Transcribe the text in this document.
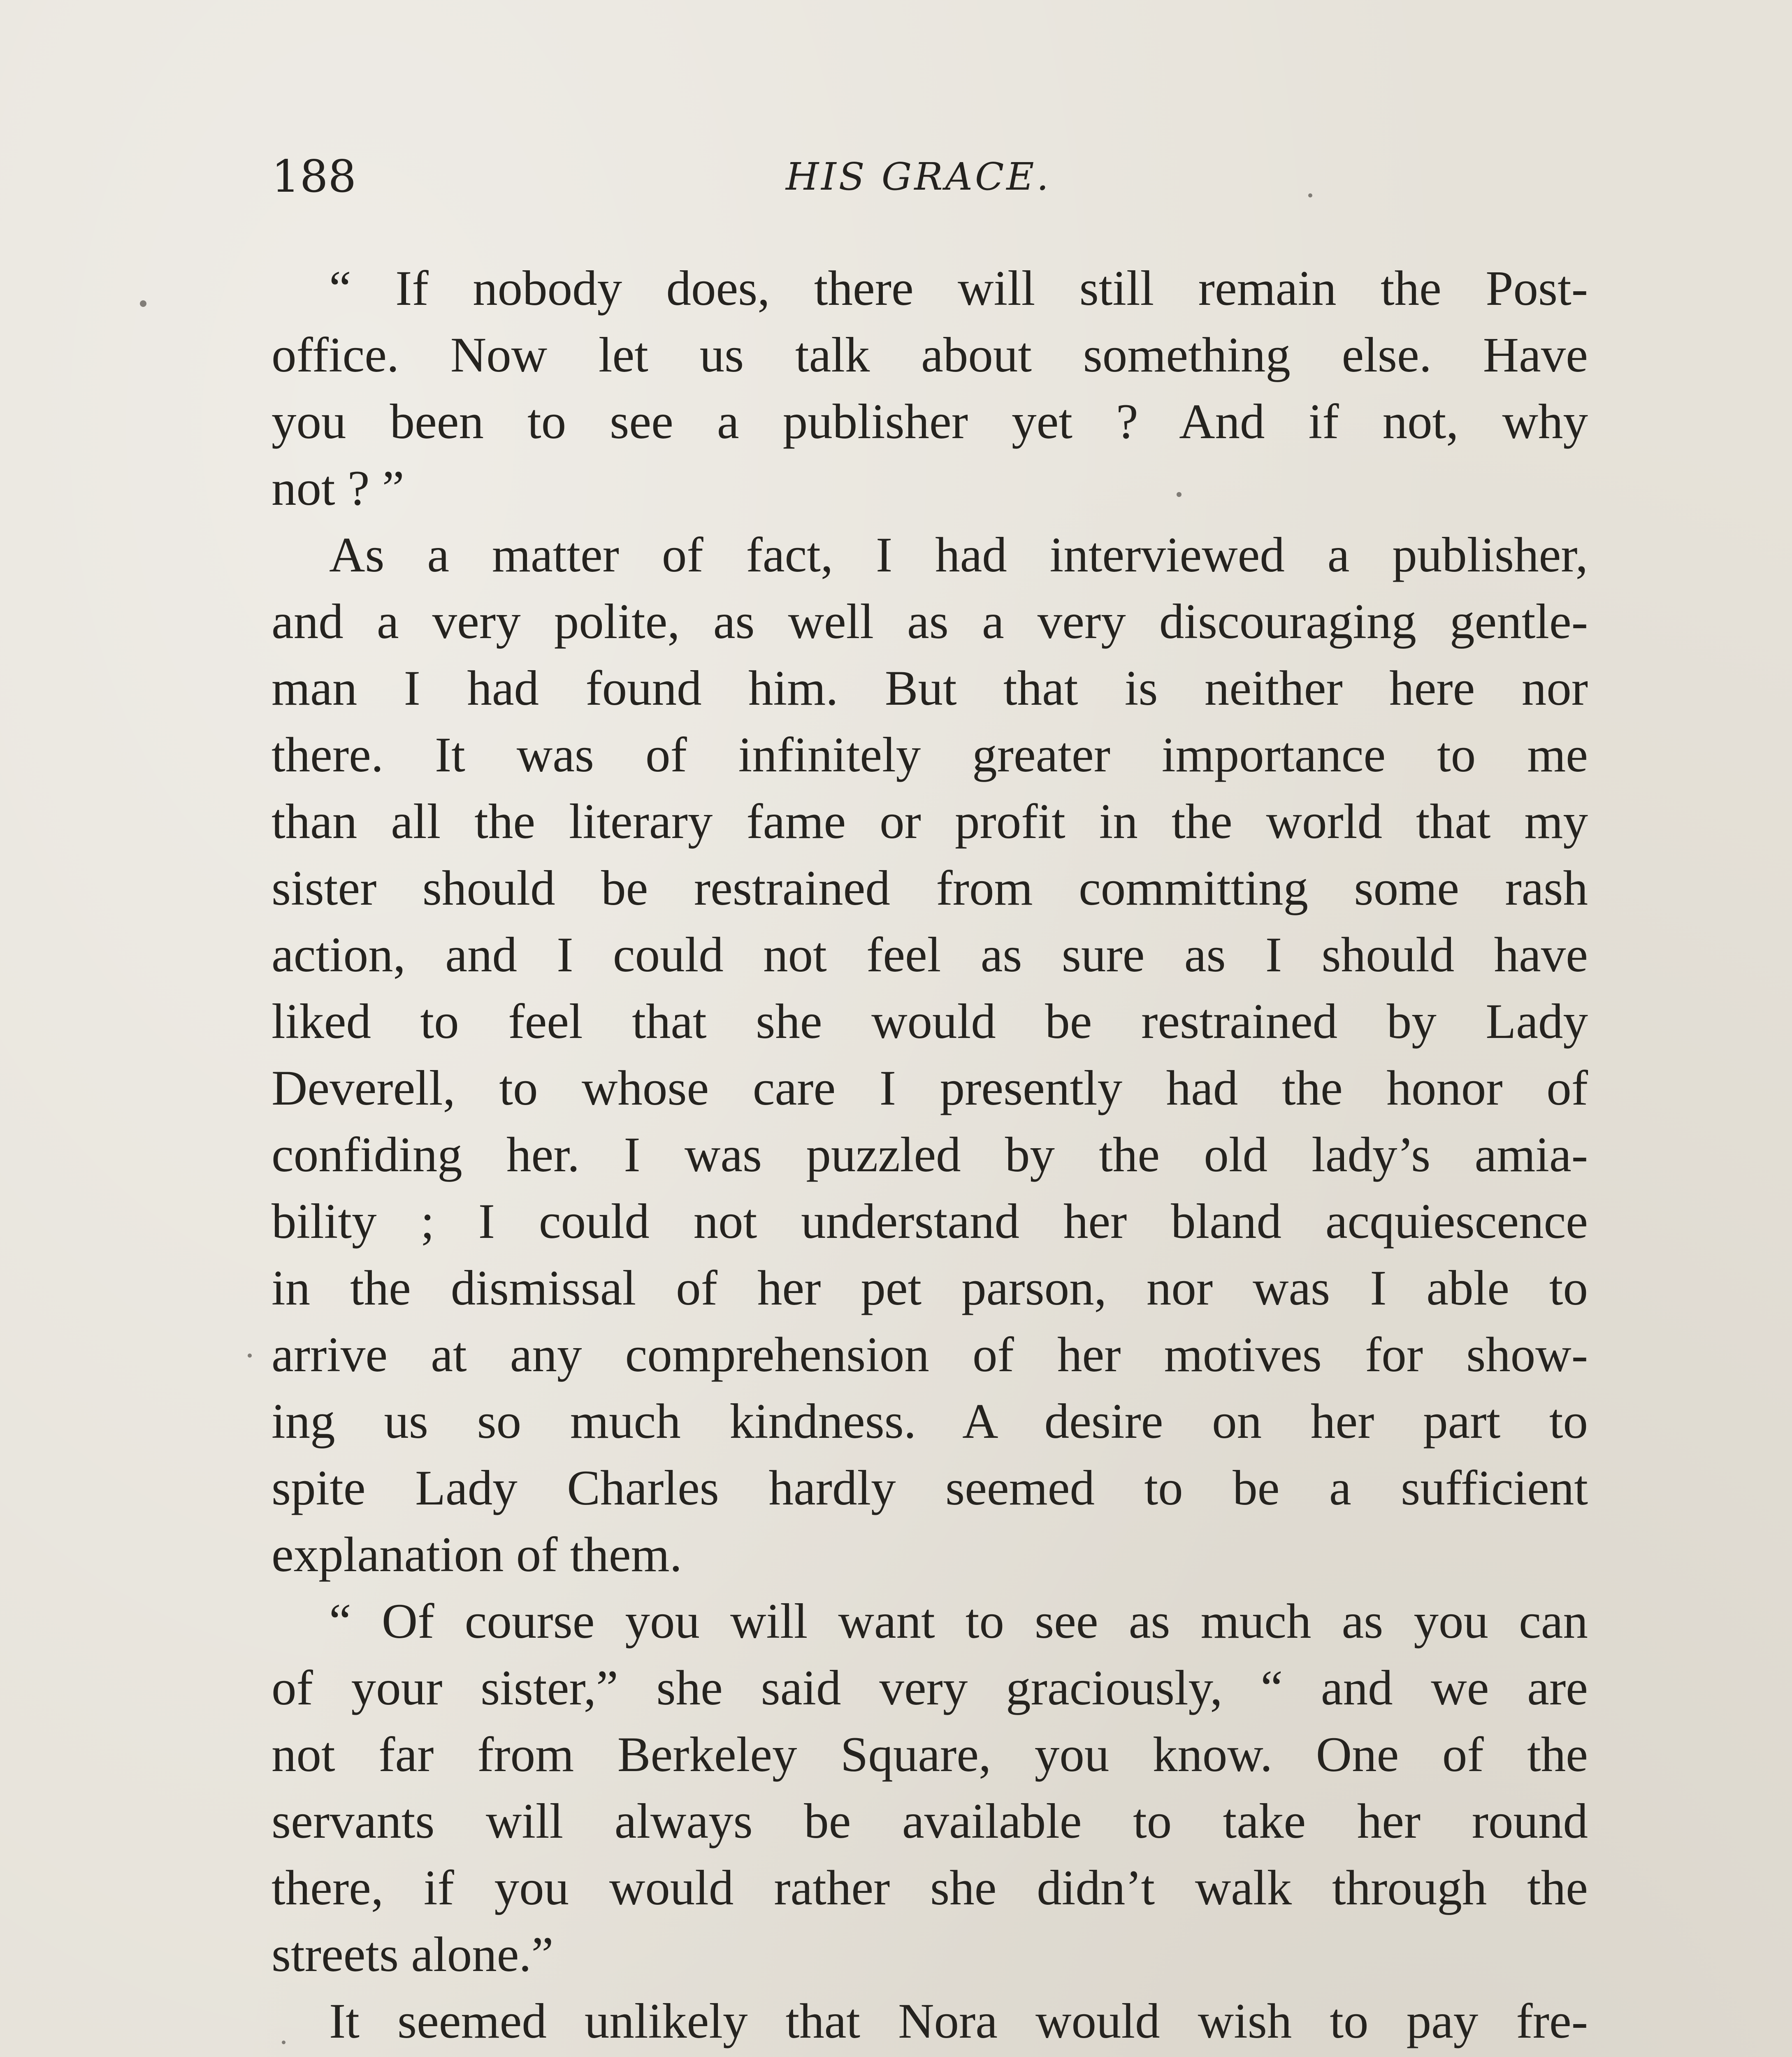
188	HIS GRACE.
“ If nobody does, there will still remain the Post-
office. Now let us talk about something else. Have
you been to see a publisher yet ? And if not, why
not ? ”
As a matter of fact, I had interviewed a publisher,
and a very polite, as well as a very discouraging gentle-
man I had found him. But that is neither here nor
there. It was of infinitely greater importance to me
than all the literary fame or profit in the world that my
sister should be restrained from committing some rash
action, and I could not feel as sure as I should have
liked to feel that she would be restrained by Lady
Deverell, to whose care I presently had the honor of
confiding her. I was puzzled by the old lady’s amia-
bility ; I could not understand her bland acquiescence
in the dismissal of her pet parson, nor was I able to
arrive at any comprehension of her motives for show-
ing us so much kindness. A desire on her part to
spite Lady Charles hardly seemed to be a sufficient
explanation of them.
“ Of course you will want to see as much as you can
of your sister,” she said very graciously, “ and we are
not far from Berkeley Square, you know. One of the
servants will always be available to take her round
there, if you would rather she didn’t walk through the
streets alone.”
It seemed unlikely that Nora would wish to pay fre-
